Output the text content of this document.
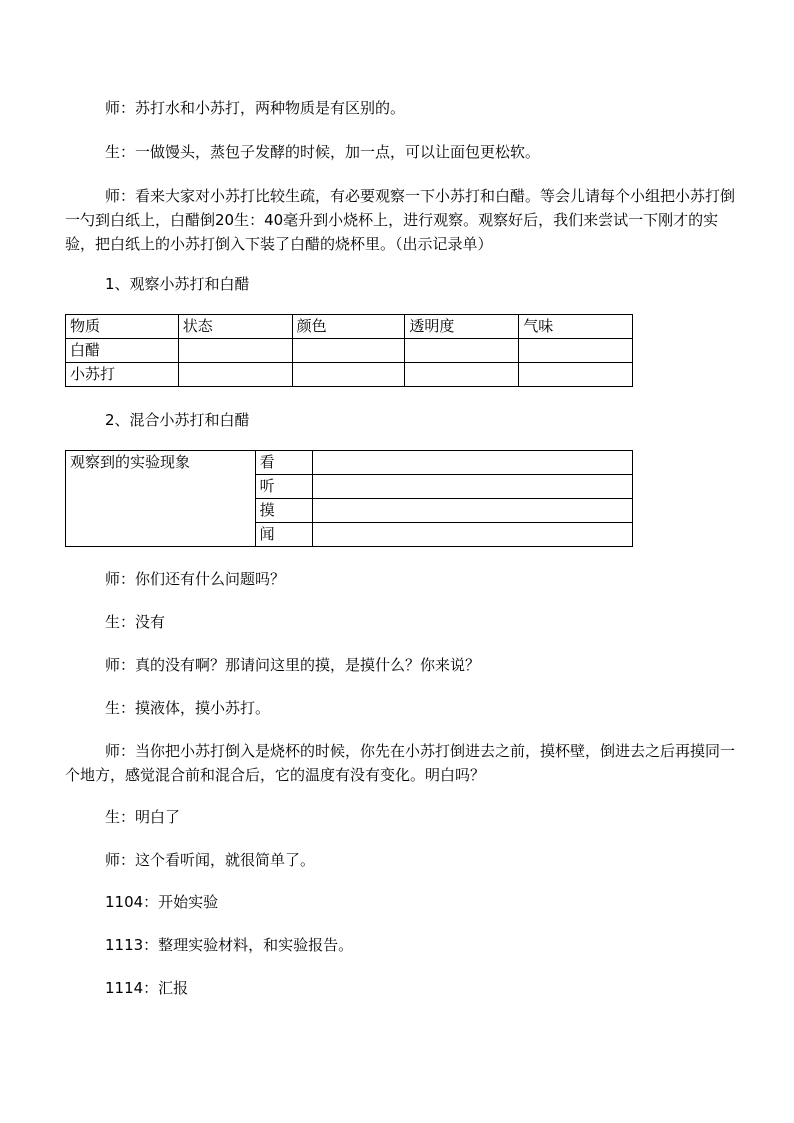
师：苏打水和小苏打，两种物质是有区别的。

生：一做馒头，蒸包子发酵的时候，加一点，可以让面包更松软。

师：看来大家对小苏打比较生疏，有必要观察一下小苏打和白醋。等会儿请每个小组把小苏打倒一勺到白纸上，白醋倒20生：40毫升到小烧杯上，进行观察。观察好后，我们来尝试一下刚才的实验，把白纸上的小苏打倒入下装了白醋的烧杯里。（出示记录单）

1、观察小苏打和白醋

物质	状态	颜色	透明度	气味
白醋				
小苏打				

2、混合小苏打和白醋

观察到的实验现象	看	
	听	
	摸	
	闻	

师：你们还有什么问题吗？

生：没有

师：真的没有啊？那请问这里的摸，是摸什么？你来说？

生：摸液体，摸小苏打。

师：当你把小苏打倒入是烧杯的时候，你先在小苏打倒进去之前，摸杯壁，倒进去之后再摸同一个地方，感觉混合前和混合后，它的温度有没有变化。明白吗？

生：明白了

师：这个看听闻，就很简单了。

1104：开始实验

1113：整理实验材料，和实验报告。

1114：汇报
